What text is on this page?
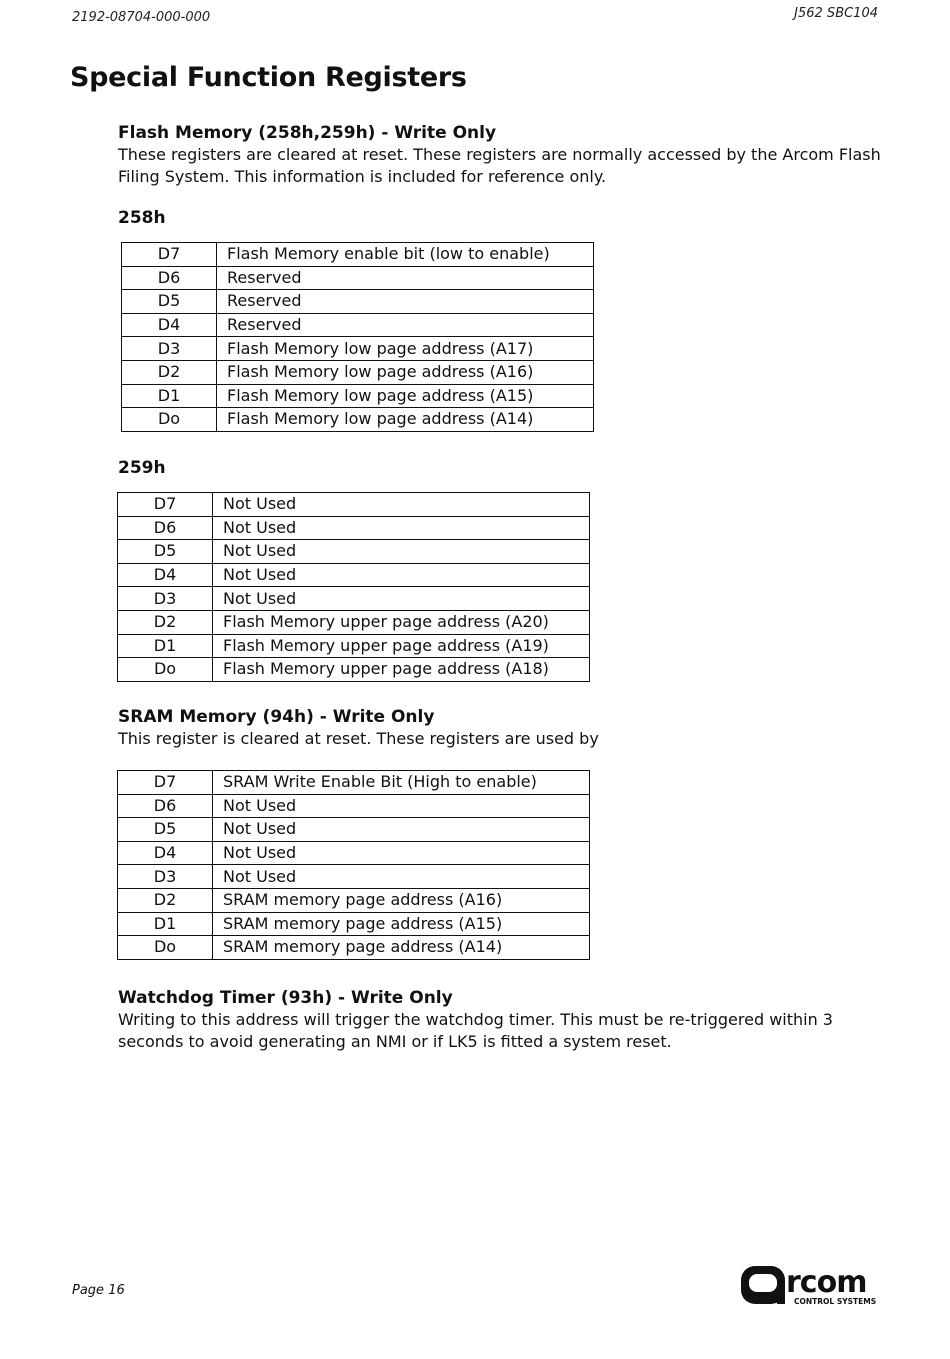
2192-08704-000-000	J562 SBC104
Special Function Registers
Flash Memory (258h,259h) - Write Only
These registers are cleared at reset. These registers are normally accessed by the Arcom Flash Filing System. This information is included for reference only.
258h
D7	Flash Memory enable bit (low to enable)
D6	Reserved
D5	Reserved
D4	Reserved
D3	Flash Memory low page address (A17)
D2	Flash Memory low page address (A16)
D1	Flash Memory low page address (A15)
Do	Flash Memory low page address (A14)
259h
D7	Not Used
D6	Not Used
D5	Not Used
D4	Not Used
D3	Not Used
D2	Flash Memory upper page address (A20)
D1	Flash Memory upper page address (A19)
Do	Flash Memory upper page address (A18)
SRAM Memory (94h) - Write Only
This register is cleared at reset. These registers are used by
D7	SRAM Write Enable Bit (High to enable)
D6	Not Used
D5	Not Used
D4	Not Used
D3	Not Used
D2	SRAM memory page address (A16)
D1	SRAM memory page address (A15)
Do	SRAM memory page address (A14)
Watchdog Timer (93h) - Write Only
Writing to this address will trigger the watchdog timer. This must be re-triggered within 3 seconds to avoid generating an NMI or if LK5 is fitted a system reset.
Page 16	rcom
CONTROL SYSTEMS
